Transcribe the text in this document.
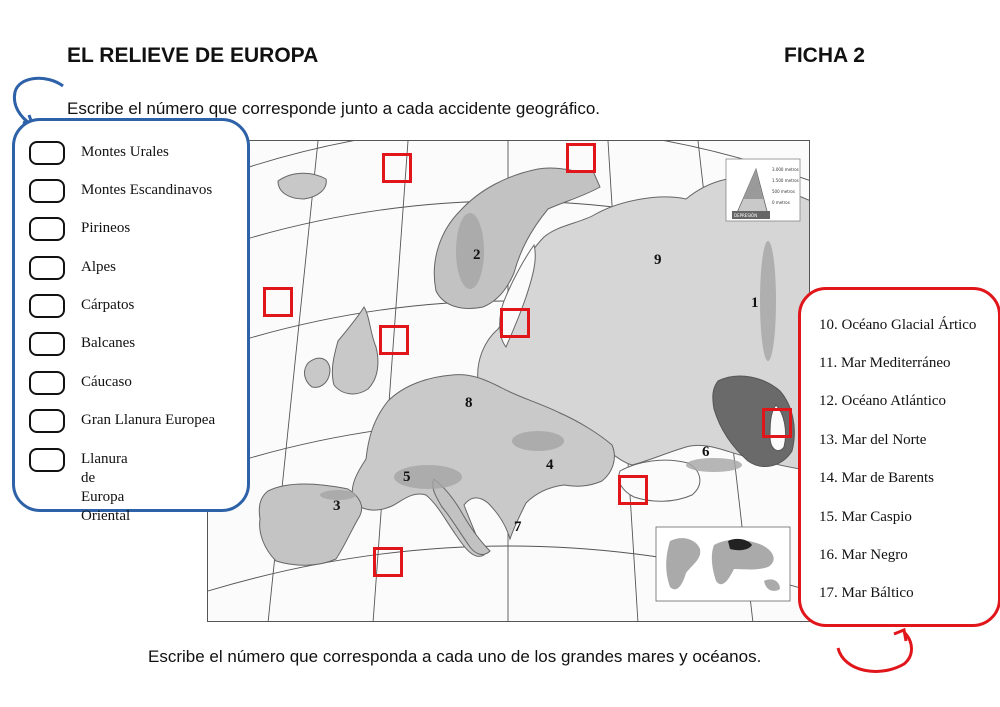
EL RELIEVE DE EUROPA	FICHA 2
Escribe el número que corresponde junto a cada accidente geográfico.
Escribe el número que corresponda a cada uno de los grandes mares y océanos.
3.000 metros
1.500 metros
500 metros
0 metros
DEPRESIÓN
1
2
3
4
5
6
7
8
9
Montes Urales
Montes Escandinavos
Pirineos
Alpes
Cárpatos
Balcanes
Cáucaso
Gran Llanura Europea
Llanura de Europa
Oriental
10. Océano Glacial Ártico
11. Mar Mediterráneo
12. Océano Atlántico
13. Mar del Norte
14. Mar de Barents
15. Mar Caspio
16. Mar Negro
17. Mar Báltico
